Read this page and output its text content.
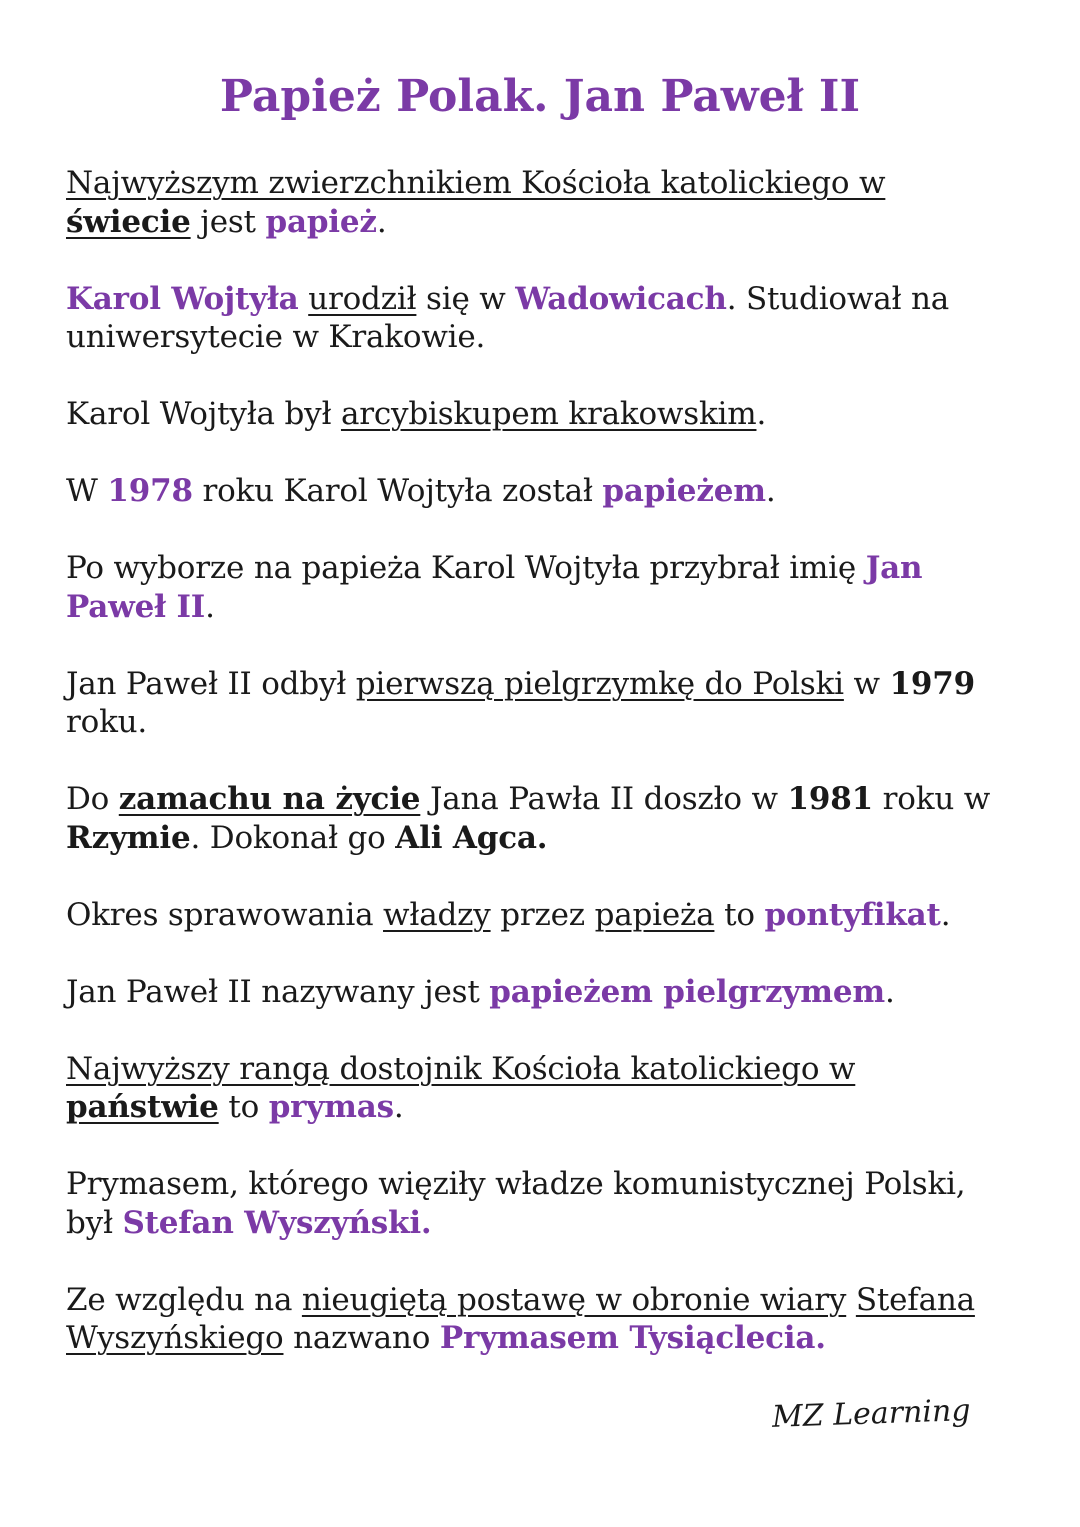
Papież Polak. Jan Paweł II

Najwyższym zwierzchnikiem Kościoła katolickiego w
świecie jest papież.

Karol Wojtyła urodził się w Wadowicach. Studiował na
uniwersytecie w Krakowie.

Karol Wojtyła był arcybiskupem krakowskim.

W 1978 roku Karol Wojtyła został papieżem.

Po wyborze na papieża Karol Wojtyła przybrał imię Jan
Paweł II.

Jan Paweł II odbył pierwszą pielgrzymkę do Polski w 1979
roku.

Do zamachu na życie Jana Pawła II doszło w 1981 roku w
Rzymie. Dokonał go Ali Agca.

Okres sprawowania władzy przez papieża to pontyfikat.

Jan Paweł II nazywany jest papieżem pielgrzymem.

Najwyższy rangą dostojnik Kościoła katolickiego w
państwie to prymas.

Prymasem, którego więziły władze komunistycznej Polski,
był Stefan Wyszyński.

Ze względu na nieugiętą postawę w obronie wiary Stefana
Wyszyńskiego nazwano Prymasem Tysiąclecia.

MZ Learning
